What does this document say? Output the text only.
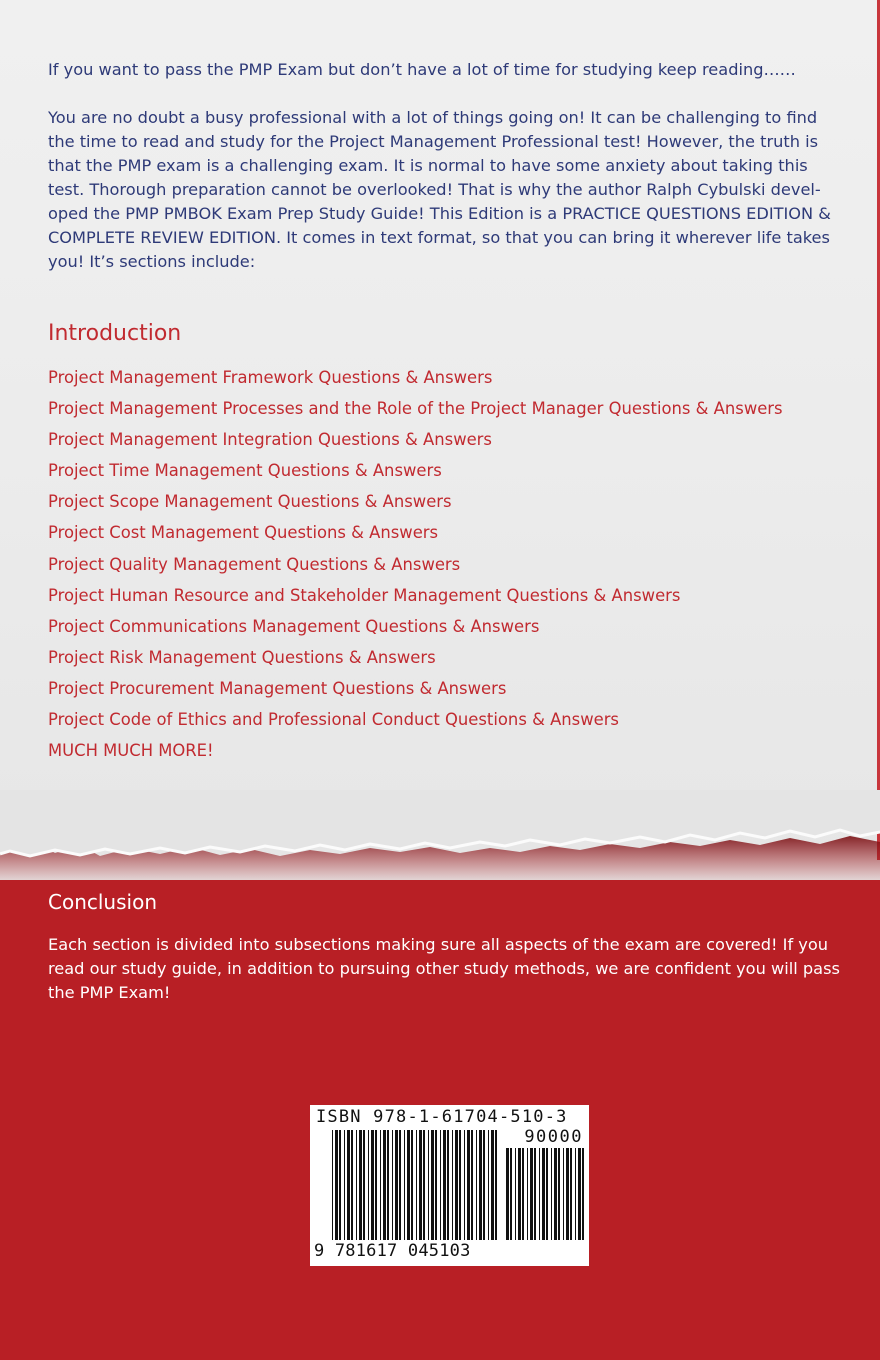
If you want to pass the PMP Exam but don’t have a lot of time for studying keep reading……

You are no doubt a busy professional with a lot of things going on! It can be challenging to find
the time to read and study for the Project Management Professional test! However, the truth is
that the PMP exam is a challenging exam. It is normal to have some anxiety about taking this
test. Thorough preparation cannot be overlooked! That is why the author Ralph Cybulski devel-
oped the PMP PMBOK Exam Prep Study Guide! This Edition is a PRACTICE QUESTIONS EDITION &
COMPLETE REVIEW EDITION. It comes in text format, so that you can bring it wherever life takes
you! It’s sections include:

Introduction
Project Management Framework Questions & Answers
Project Management Processes and the Role of the Project Manager Questions & Answers
Project Management Integration Questions & Answers
Project Time Management Questions & Answers
Project Scope Management Questions & Answers
Project Cost Management Questions & Answers
Project Quality Management Questions & Answers
Project Human Resource and Stakeholder Management Questions & Answers
Project Communications Management Questions & Answers
Project Risk Management Questions & Answers
Project Procurement Management Questions & Answers
Project Code of Ethics and Professional Conduct Questions & Answers
MUCH MUCH MORE!
Conclusion

Each section is divided into subsections making sure all aspects of the exam are covered! If you
read our study guide, in addition to pursuing other study methods, we are confident you will pass
the PMP Exam!

ISBN 978-1-61704-510-3
90000
9 781617 045103
